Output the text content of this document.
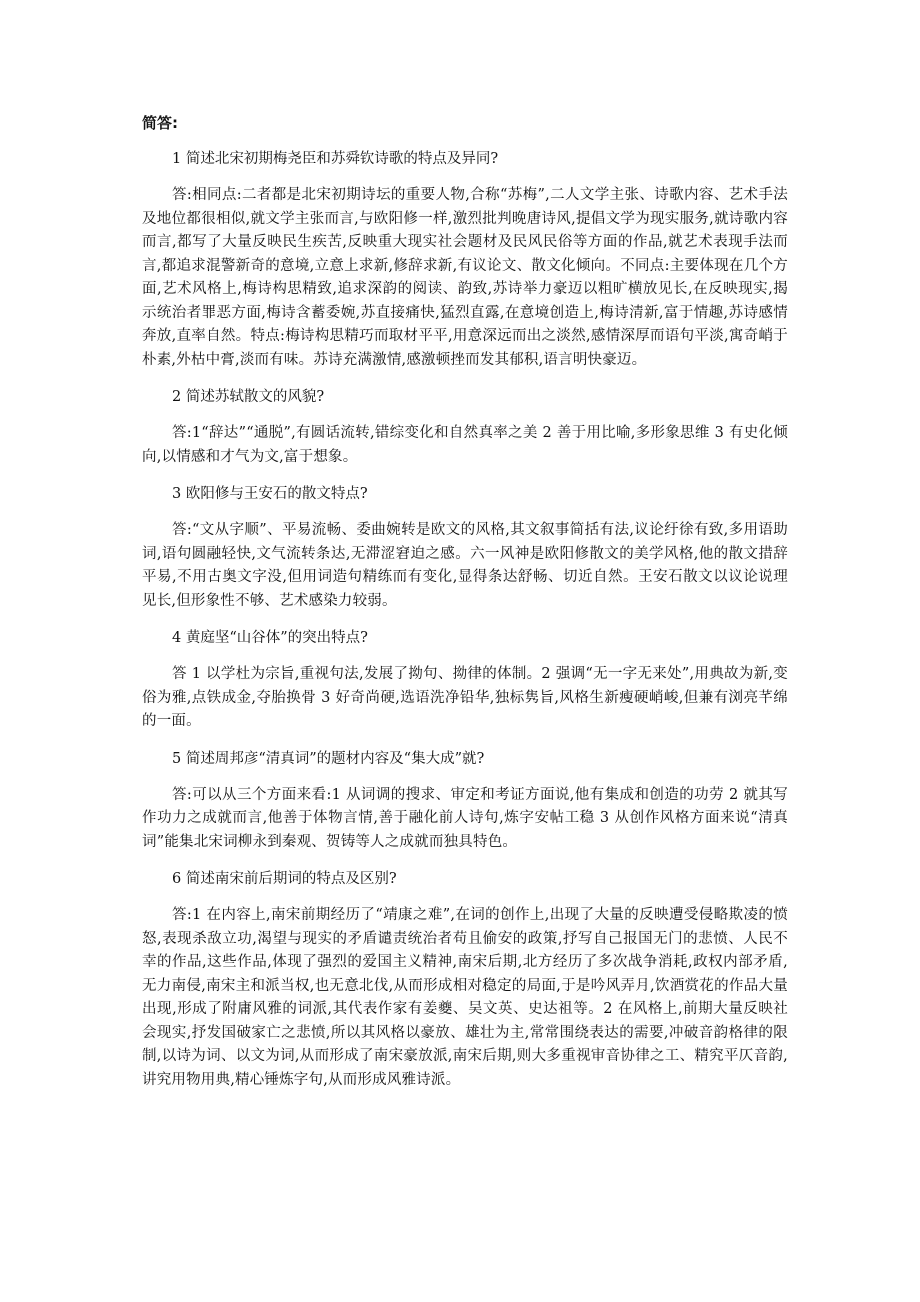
简答:

1 简述北宋初期梅尧臣和苏舜钦诗歌的特点及异同?

答:相同点:二者都是北宋初期诗坛的重要人物,合称“苏梅”,二人文学主张、诗歌内容、艺术手法及地位都很相似,就文学主张而言,与欧阳修一样,激烈批判晚唐诗风,提倡文学为现实服务,就诗歌内容而言,都写了大量反映民生疾苦,反映重大现实社会题材及民风民俗等方面的作品,就艺术表现手法而言,都追求混警新奇的意境,立意上求新,修辞求新,有议论文、散文化倾向。不同点:主要体现在几个方面,艺术风格上,梅诗构思精致,追求深韵的阅读、韵致,苏诗举力豪迈以粗旷横放见长,在反映现实,揭示统治者罪恶方面,梅诗含蓄委婉,苏直接痛快,猛烈直露,在意境创造上,梅诗清新,富于情趣,苏诗感情奔放,直率自然。特点:梅诗构思精巧而取材平平,用意深远而出之淡然,感情深厚而语句平淡,寓奇峭于朴素,外枯中膏,淡而有味。苏诗充满激情,感激顿挫而发其郁积,语言明快豪迈。

2 简述苏轼散文的风貌?

答:1“辞达”“通脱”,有圆话流转,错综变化和自然真率之美 2 善于用比喻,多形象思维 3 有史化倾向,以情感和才气为文,富于想象。

3 欧阳修与王安石的散文特点?

答:“文从字顺”、平易流畅、委曲婉转是欧文的风格,其文叙事简括有法,议论纡徐有致,多用语助词,语句圆融轻快,文气流转条达,无滞涩窘迫之感。六一风神是欧阳修散文的美学风格,他的散文措辞平易,不用古奥文字没,但用词造句精练而有变化,显得条达舒畅、切近自然。王安石散文以议论说理见长,但形象性不够、艺术感染力较弱。

4 黄庭坚“山谷体”的突出特点?

答 1 以学杜为宗旨,重视句法,发展了拗句、拗律的体制。2 强调“无一字无来处”,用典故为新,变俗为雅,点铁成金,夺胎换骨 3 好奇尚硬,选语洗净铅华,独标隽旨,风格生新瘦硬峭峻,但兼有浏亮芊绵的一面。

5 简述周邦彦“清真词”的题材内容及“集大成”就?

答:可以从三个方面来看:1 从词调的搜求、审定和考证方面说,他有集成和创造的功劳 2 就其写作功力之成就而言,他善于体物言情,善于融化前人诗句,炼字安帖工稳 3 从创作风格方面来说“清真词”能集北宋词柳永到秦观、贺铸等人之成就而独具特色。

6 简述南宋前后期词的特点及区别?

答:1 在内容上,南宋前期经历了“靖康之难”,在词的创作上,出现了大量的反映遭受侵略欺凌的愤怒,表现杀敌立功,渴望与现实的矛盾谴责统治者苟且偷安的政策,抒写自己报国无门的悲愤、人民不幸的作品,这些作品,体现了强烈的爱国主义精神,南宋后期,北方经历了多次战争消耗,政权内部矛盾,无力南侵,南宋主和派当权,也无意北伐,从而形成相对稳定的局面,于是吟风弄月,饮酒赏花的作品大量出现,形成了附庸风雅的词派,其代表作家有姜夔、吴文英、史达祖等。2 在风格上,前期大量反映社会现实,抒发国破家亡之悲愤,所以其风格以豪放、雄壮为主,常常围绕表达的需要,冲破音韵格律的限制,以诗为词、以文为词,从而形成了南宋豪放派,南宋后期,则大多重视审音协律之工、精究平仄音韵,讲究用物用典,精心锤炼字句,从而形成风雅诗派。
